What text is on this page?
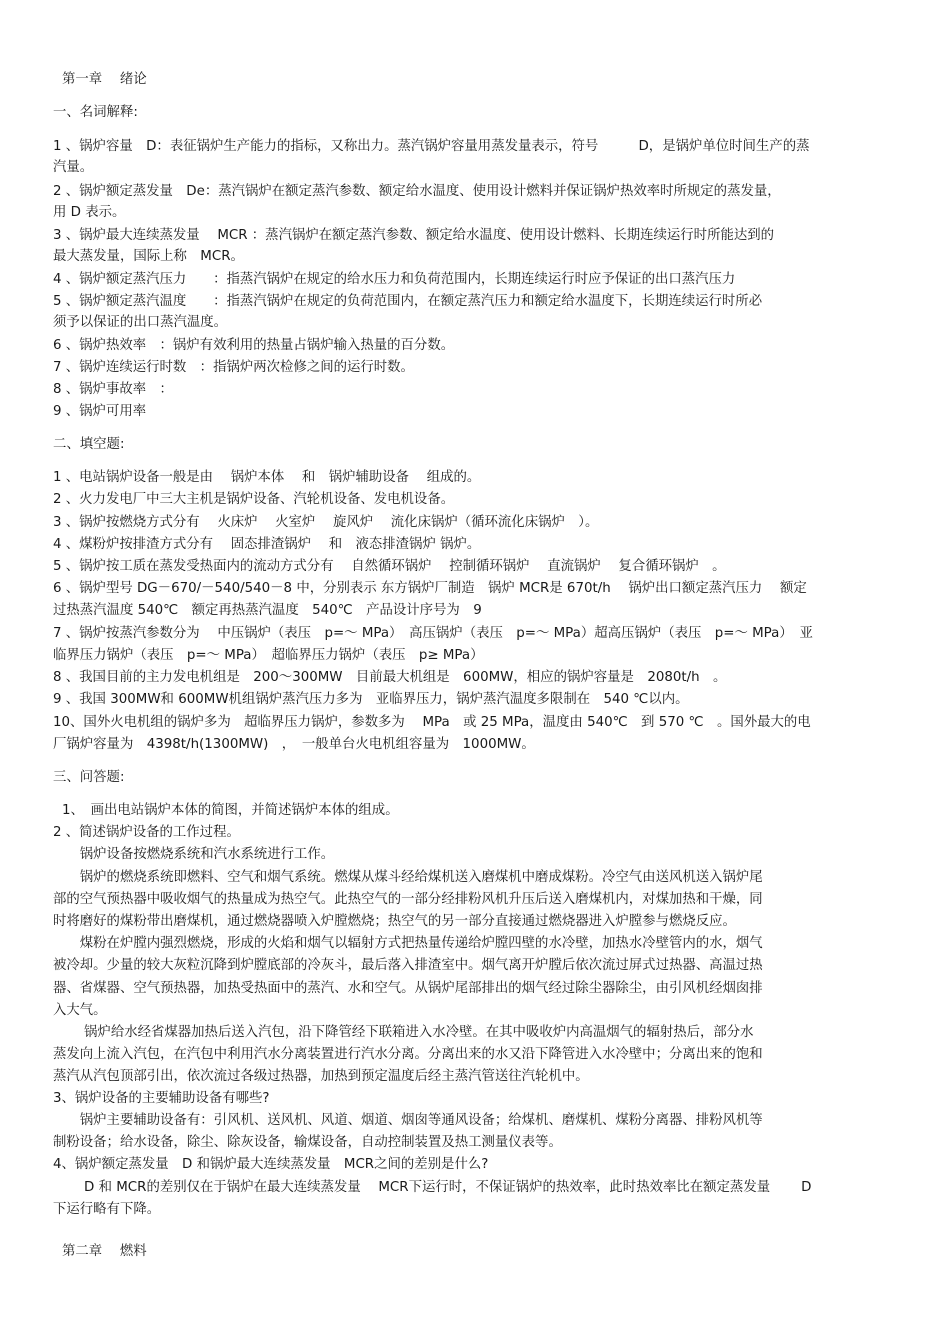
第一章　 绪论
一、名词解释:
1 、锅炉容量　D：表征锅炉生产能力的指标，又称出力。蒸汽锅炉容量用蒸发量表示，符号　　　D，是锅炉单位时间生产的蒸
汽量。
2 、锅炉额定蒸发量　De：蒸汽锅炉在额定蒸汽参数、额定给水温度、使用设计燃料并保证锅炉热效率时所规定的蒸发量，
用 D 表示。
3 、锅炉最大连续蒸发量　 MCR ：蒸汽锅炉在额定蒸汽参数、额定给水温度、使用设计燃料、长期连续运行时所能达到的
最大蒸发量，国际上称　MCR。
4 、锅炉额定蒸汽压力　　：指蒸汽锅炉在规定的给水压力和负荷范围内，长期连续运行时应予保证的出口蒸汽压力
5 、锅炉额定蒸汽温度　　：指蒸汽锅炉在规定的负荷范围内，在额定蒸汽压力和额定给水温度下，长期连续运行时所必
须予以保证的出口蒸汽温度。
6 、锅炉热效率　：锅炉有效利用的热量占锅炉输入热量的百分数。
7 、锅炉连续运行时数　：指锅炉两次检修之间的运行时数。
8 、锅炉事故率　：
9 、锅炉可用率
二、填空题:
1 、电站锅炉设备一般是由　 锅炉本体　 和　锅炉辅助设备　 组成的。
2 、火力发电厂中三大主机是锅炉设备、汽轮机设备、发电机设备。
3 、锅炉按燃烧方式分有　 火床炉　 火室炉　 旋风炉　 流化床锅炉（循环流化床锅炉　）。
4 、煤粉炉按排渣方式分有　 固态排渣锅炉　 和　液态排渣锅炉 锅炉。
5 、锅炉按工质在蒸发受热面内的流动方式分有　 自然循环锅炉　 控制循环锅炉　 直流锅炉　 复合循环锅炉　。
6 、锅炉型号 DG－670/－540/540－8 中，分别表示 东方锅炉厂制造　锅炉 MCR是 670t/h　 锅炉出口额定蒸汽压力　 额定
过热蒸汽温度 540℃　额定再热蒸汽温度　540℃　产品设计序号为　9
7 、锅炉按蒸汽参数分为　 中压锅炉（表压　p=～ MPa）　高压锅炉（表压　p=～ MPa）超高压锅炉（表压　p=～ MPa）　亚
临界压力锅炉（表压　p=～ MPa）　超临界压力锅炉（表压　p≥ MPa）
8 、我国目前的主力发电机组是　200～300MW　目前最大机组是　600MW，相应的锅炉容量是　2080t/h　。
9 、我国 300MW和 600MW机组锅炉蒸汽压力多为　亚临界压力，锅炉蒸汽温度多限制在　540 ℃以内。
10、国外火电机组的锅炉多为　超临界压力锅炉，参数多为　 MPa　或 25 MPa，温度由 540℃　到 570 ℃　。国外最大的电
厂锅炉容量为　4398t/h(1300MW)　，　一般单台火电机组容量为　1000MW。
三、问答题:
1、　画出电站锅炉本体的简图，并简述锅炉本体的组成。
2 、简述锅炉设备的工作过程。
　　锅炉设备按燃烧系统和汽水系统进行工作。
　　锅炉的燃烧系统即燃料、空气和烟气系统。燃煤从煤斗经给煤机送入磨煤机中磨成煤粉。冷空气由送风机送入锅炉尾
部的空气预热器中吸收烟气的热量成为热空气。此热空气的一部分经排粉风机升压后送入磨煤机内，对煤加热和干燥，同
时将磨好的煤粉带出磨煤机，通过燃烧器喷入炉膛燃烧；热空气的另一部分直接通过燃烧器进入炉膛参与燃烧反应。
　　煤粉在炉膛内强烈燃烧，形成的火焰和烟气以辐射方式把热量传递给炉膛四壁的水冷壁，加热水冷壁管内的水，烟气
被冷却。少量的较大灰粒沉降到炉膛底部的冷灰斗，最后落入排渣室中。烟气离开炉膛后依次流过屏式过热器、高温过热
器、省煤器、空气预热器，加热受热面中的蒸汽、水和空气。从锅炉尾部排出的烟气经过除尘器除尘，由引风机经烟囱排
入大气。
　　 锅炉给水经省煤器加热后送入汽包，沿下降管经下联箱进入水冷壁。在其中吸收炉内高温烟气的辐射热后，部分水
蒸发向上流入汽包，在汽包中利用汽水分离装置进行汽水分离。分离出来的水又沿下降管进入水冷壁中；分离出来的饱和
蒸汽从汽包顶部引出，依次流过各级过热器，加热到预定温度后经主蒸汽管送往汽轮机中。
3、锅炉设备的主要辅助设备有哪些?
　　锅炉主要辅助设备有：引风机、送风机、风道、烟道、烟囱等通风设备；给煤机、磨煤机、煤粉分离器、排粉风机等
制粉设备；给水设备，除尘、除灰设备，输煤设备，自动控制装置及热工测量仪表等。
4、锅炉额定蒸发量　D 和锅炉最大连续蒸发量　MCR之间的差别是什么?
　　 D 和 MCR的差别仅在于锅炉在最大连续蒸发量　 MCR下运行时，不保证锅炉的热效率，此时热效率比在额定蒸发量　　 D
下运行略有下降。
第二章　 燃料
